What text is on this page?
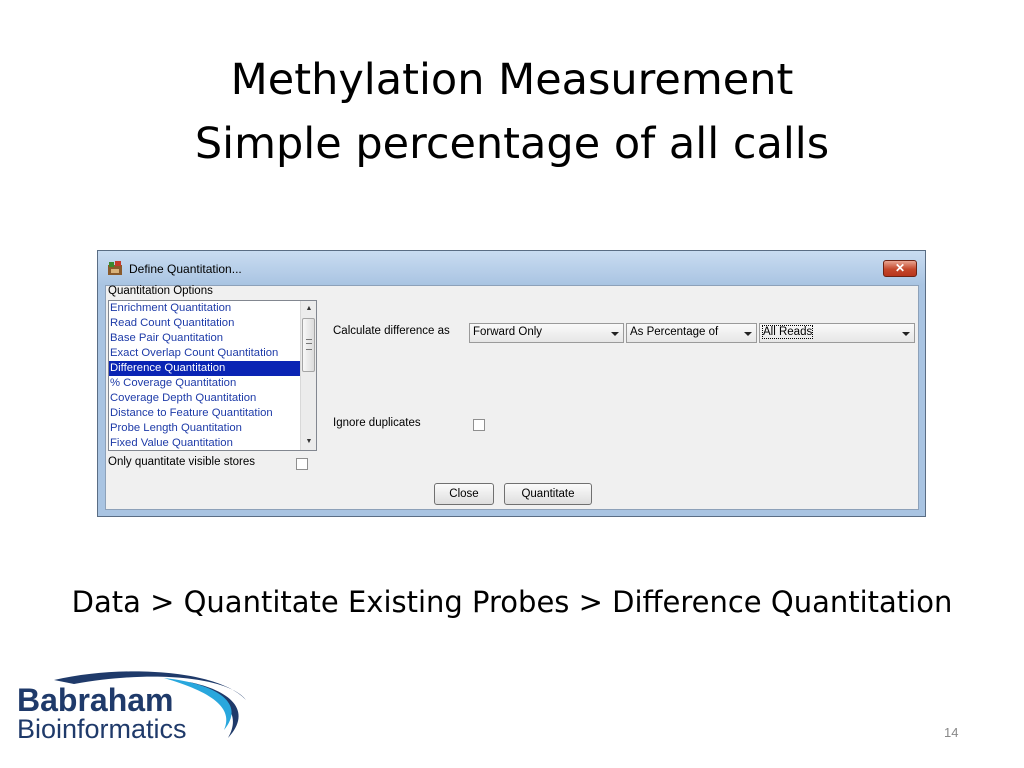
Methylation Measurement
Simple percentage of all calls
Define Quantitation...	✕
Quantitation Options
Enrichment Quantitation
Read Count Quantitation
Base Pair Quantitation
Exact Overlap Count Quantitation
Difference Quantitation
% Coverage Quantitation
Coverage Depth Quantitation
Distance to Feature Quantitation
Probe Length Quantitation
Fixed Value Quantitation
▲
▼
Only quantitate visible stores
Calculate difference as Forward Only	As Percentage of	All Reads
Ignore duplicates
Close	Quantitate
Data > Quantitate Existing Probes > Difference Quantitation
Babraham
Bioinformatics	14
